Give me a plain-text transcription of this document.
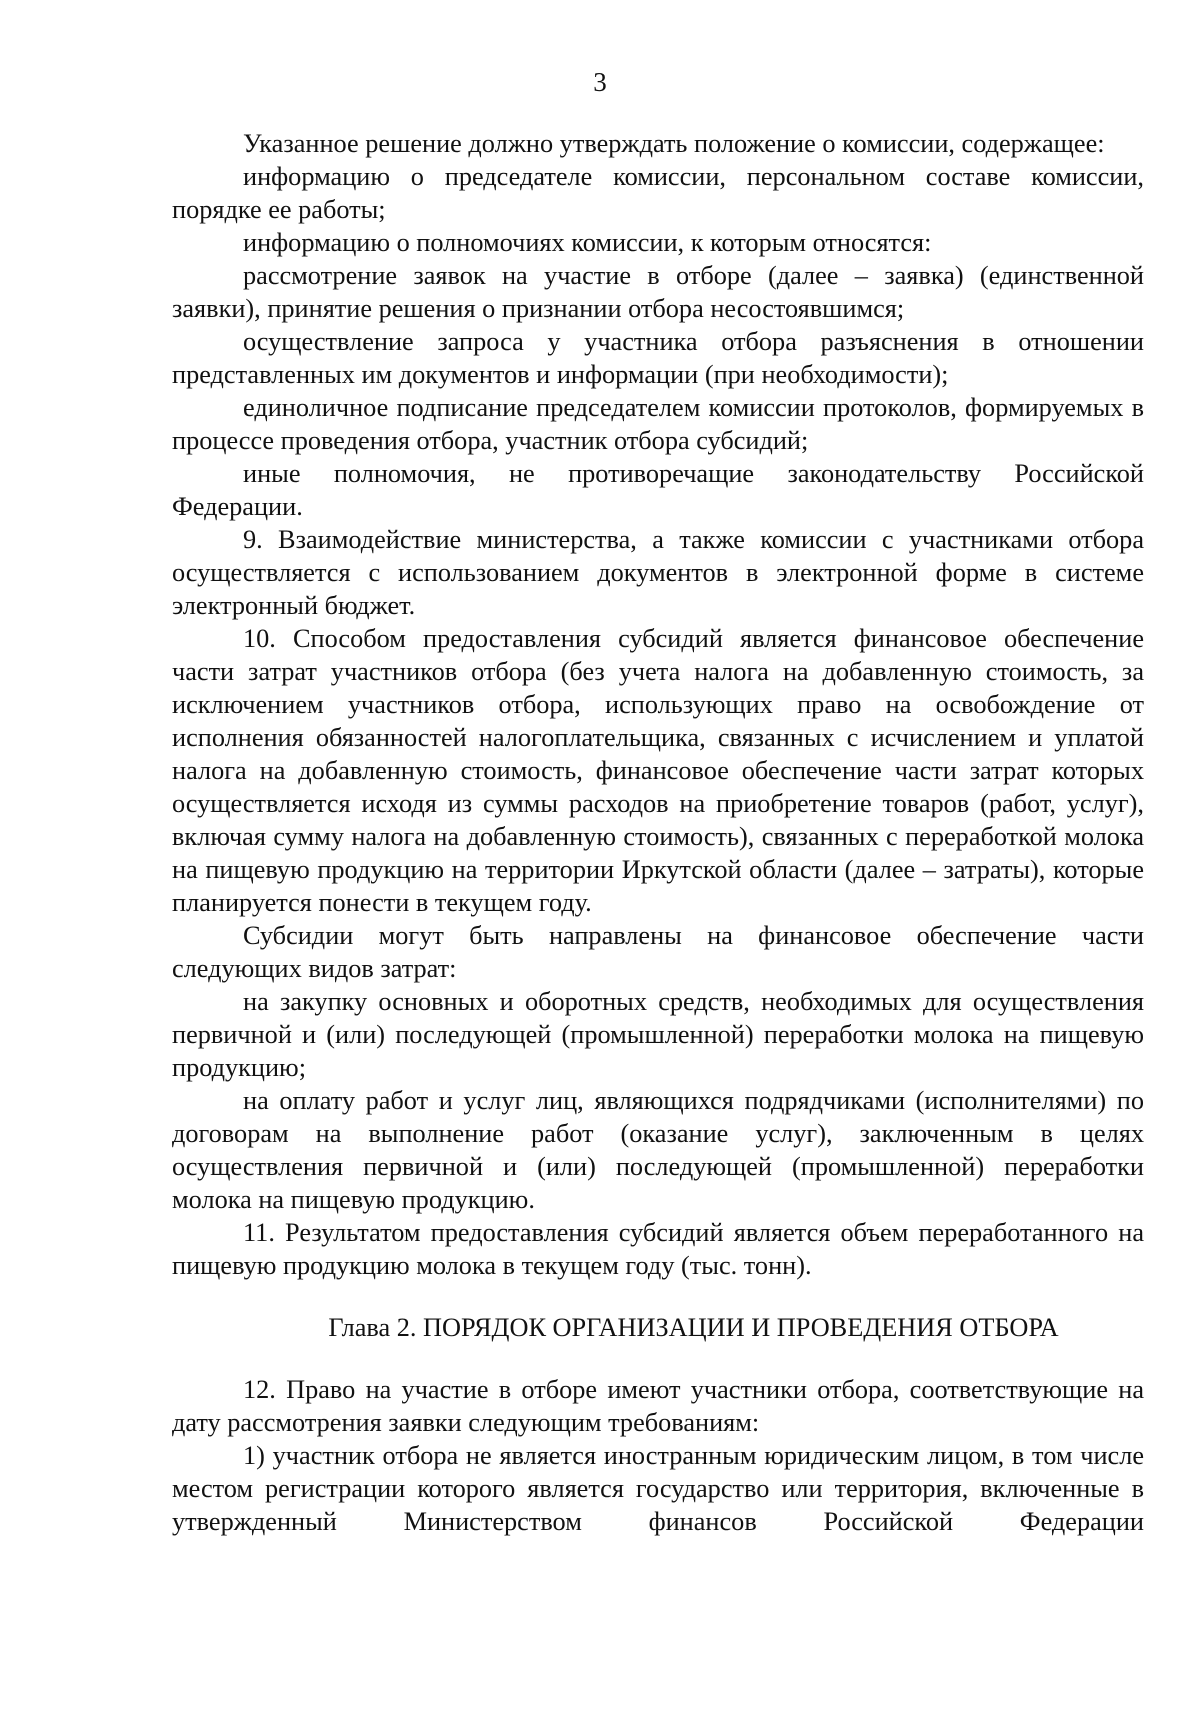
3

Указанное решение должно утверждать положение о комиссии, содержащее:

информацию о председателе комиссии, персональном составе комиссии, порядке ее работы;

информацию о полномочиях комиссии, к которым относятся:

рассмотрение заявок на участие в отборе (далее – заявка) (единственной заявки), принятие решения о признании отбора несостоявшимся;

осуществление запроса у участника отбора разъяснения в отношении представленных им документов и информации (при необходимости);

единоличное подписание председателем комиссии протоколов, формируемых в процессе проведения отбора, участник отбора субсидий;

иные полномочия, не противоречащие законодательству Российской Федерации.

9. Взаимодействие министерства, а также комиссии с участниками отбора осуществляется с использованием документов в электронной форме в системе электронный бюджет.

10. Способом предоставления субсидий является финансовое обеспечение части затрат участников отбора (без учета налога на добавленную стоимость, за исключением участников отбора, использующих право на освобождение от исполнения обязанностей налогоплательщика, связанных с исчислением и уплатой налога на добавленную стоимость, финансовое обеспечение части затрат которых осуществляется исходя из суммы расходов на приобретение товаров (работ, услуг), включая сумму налога на добавленную стоимость), связанных с переработкой молока на пищевую продукцию на территории Иркутской области (далее – затраты), которые планируется понести в текущем году.

Субсидии могут быть направлены на финансовое обеспечение части следующих видов затрат:

на закупку основных и оборотных средств, необходимых для осуществления первичной и (или) последующей (промышленной) переработки молока на пищевую продукцию;

на оплату работ и услуг лиц, являющихся подрядчиками (исполнителями) по договорам на выполнение работ (оказание услуг), заключенным в целях осуществления первичной и (или) последующей (промышленной) переработки молока на пищевую продукцию.

11. Результатом предоставления субсидий является объем переработанного на пищевую продукцию молока в текущем году (тыс. тонн).

Глава 2. ПОРЯДОК ОРГАНИЗАЦИИ И ПРОВЕДЕНИЯ ОТБОРА

12. Право на участие в отборе имеют участники отбора, соответствующие на дату рассмотрения заявки следующим требованиям:

1) участник отбора не является иностранным юридическим лицом, в том числе местом регистрации которого является государство или территория, включенные в утвержденный Министерством финансов Российской Федерации
